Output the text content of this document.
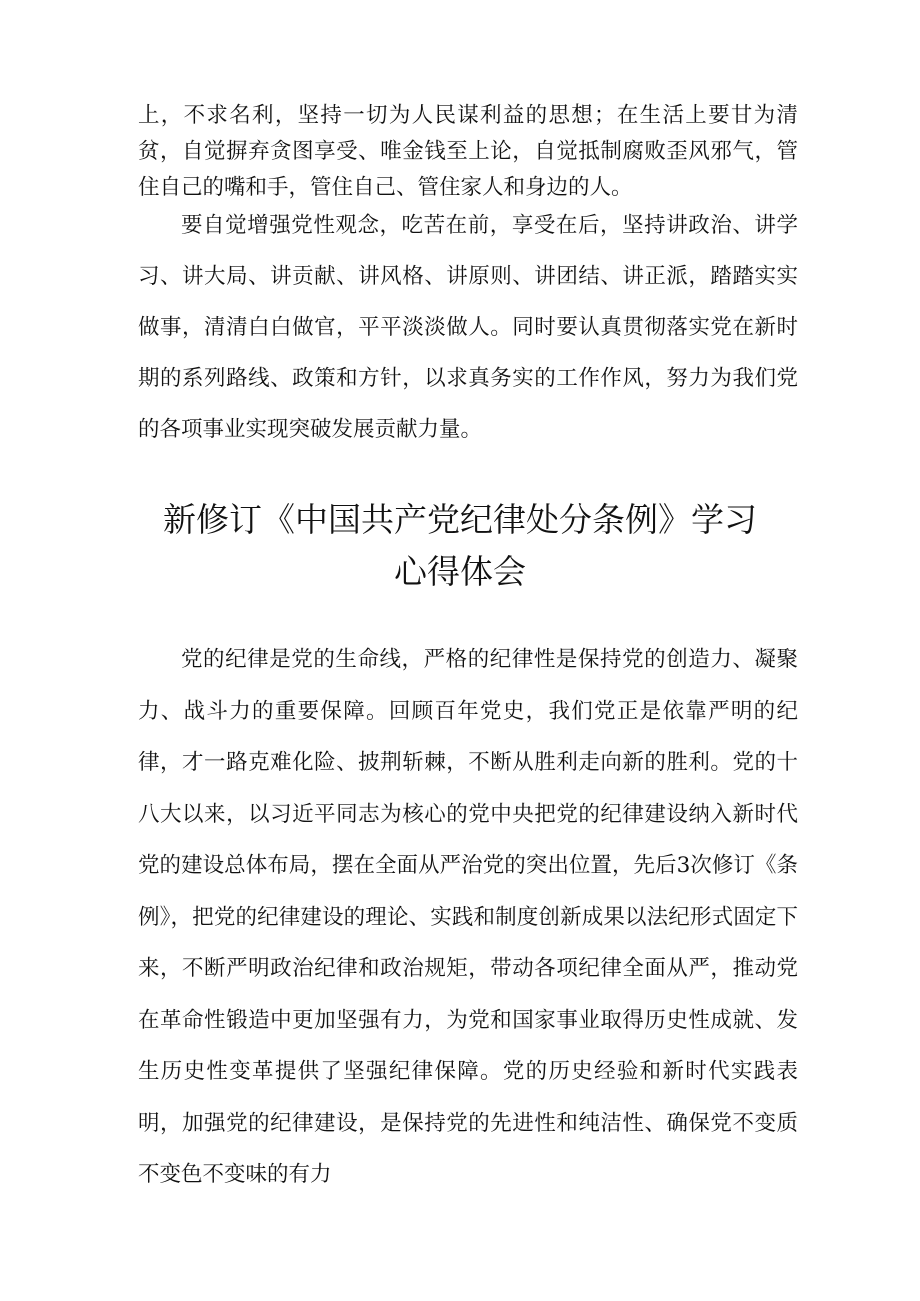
上，不求名利，坚持一切为人民谋利益的思想；在生活上要甘为清贫，自觉摒弃贪图享受、唯金钱至上论，自觉抵制腐败歪风邪气，管住自己的嘴和手，管住自己、管住家人和身边的人。

要自觉增强党性观念，吃苦在前，享受在后，坚持讲政治、讲学习、讲大局、讲贡献、讲风格、讲原则、讲团结、讲正派，踏踏实实做事，清清白白做官，平平淡淡做人。同时要认真贯彻落实党在新时期的系列路线、政策和方针，以求真务实的工作作风，努力为我们党的各项事业实现突破发展贡献力量。

新修订《中国共产党纪律处分条例》学习
心得体会

党的纪律是党的生命线，严格的纪律性是保持党的创造力、凝聚力、战斗力的重要保障。回顾百年党史，我们党正是依靠严明的纪律，才一路克难化险、披荆斩棘，不断从胜利走向新的胜利。党的十八大以来，以习近平同志为核心的党中央把党的纪律建设纳入新时代党的建设总体布局，摆在全面从严治党的突出位置，先后3次修订《条例》，把党的纪律建设的理论、实践和制度创新成果以法纪形式固定下来，不断严明政治纪律和政治规矩，带动各项纪律全面从严，推动党在革命性锻造中更加坚强有力，为党和国家事业取得历史性成就、发生历史性变革提供了坚强纪律保障。党的历史经验和新时代实践表明，加强党的纪律建设，是保持党的先进性和纯洁性、确保党不变质不变色不变味的有力
